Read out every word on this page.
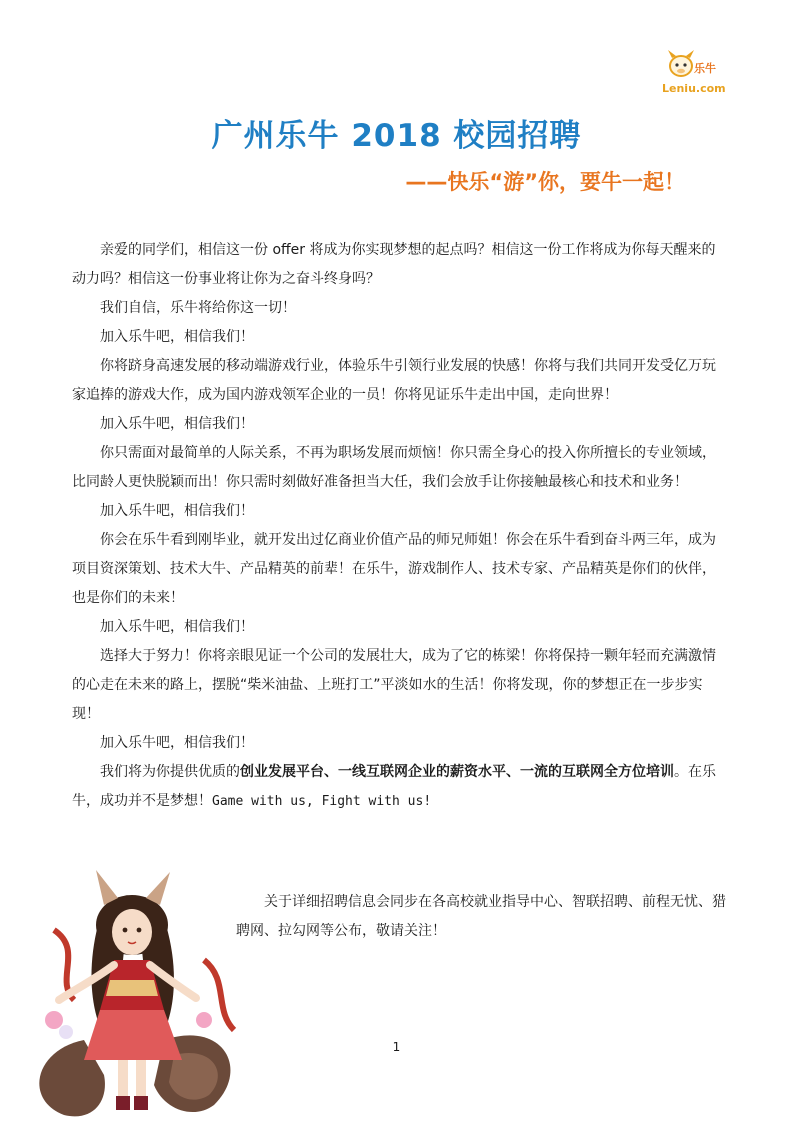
乐牛
Leniu.com
广州乐牛 2018 校园招聘
——快乐“游”你，要牛一起！

亲爱的同学们，相信这一份 offer 将成为你实现梦想的起点吗？相信这一份工作将成为你每天醒来的动力吗？相信这一份事业将让你为之奋斗终身吗？

我们自信，乐牛将给你这一切！

加入乐牛吧，相信我们！

你将跻身高速发展的移动端游戏行业，体验乐牛引领行业发展的快感！你将与我们共同开发受亿万玩家追捧的游戏大作，成为国内游戏领军企业的一员！你将见证乐牛走出中国，走向世界！

加入乐牛吧，相信我们！

你只需面对最简单的人际关系，不再为职场发展而烦恼！你只需全身心的投入你所擅长的专业领域，比同龄人更快脱颖而出！你只需时刻做好准备担当大任，我们会放手让你接触最核心和技术和业务！

加入乐牛吧，相信我们！

你会在乐牛看到刚毕业，就开发出过亿商业价值产品的师兄师姐！你会在乐牛看到奋斗两三年，成为项目资深策划、技术大牛、产品精英的前辈！在乐牛，游戏制作人、技术专家、产品精英是你们的伙伴，也是你们的未来！

加入乐牛吧，相信我们！

选择大于努力！你将亲眼见证一个公司的发展壮大，成为了它的栋梁！你将保持一颗年轻而充满激情的心走在未来的路上，摆脱“柴米油盐、上班打工”平淡如水的生活！你将发现，你的梦想正在一步步实现！

加入乐牛吧，相信我们！

我们将为你提供优质的创业发展平台、一线互联网企业的薪资水平、一流的互联网全方位培训。在乐牛，成功并不是梦想！Game with us, Fight with us!

关于详细招聘信息会同步在各高校就业指导中心、智联招聘、前程无忧、猎聘网、拉勾网等公布，敬请关注！

1
